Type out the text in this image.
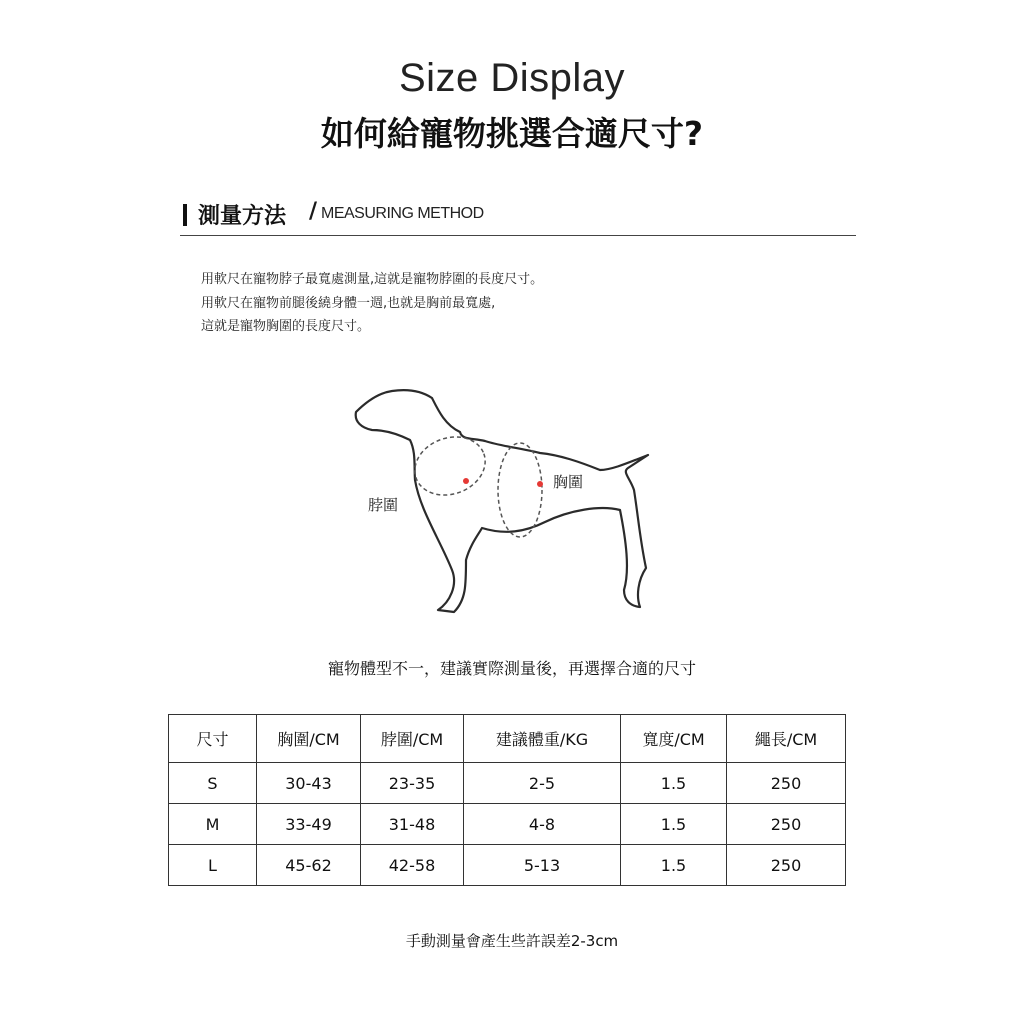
Size Display
如何給寵物挑選合適尺寸?
測量方法 / MEASURING METHOD
用軟尺在寵物脖子最寬處測量,這就是寵物脖圍的長度尺寸。
用軟尺在寵物前腿後繞身體一週,也就是胸前最寬處,
這就是寵物胸圍的長度尺寸。
脖圍
胸圍
寵物體型不一，建議實際測量後，再選擇合適的尺寸
尺寸	胸圍/CM	脖圍/CM	建議體重/KG	寬度/CM	繩長/CM
S	30-43	23-35	2-5	1.5	250
M	33-49	31-48	4-8	1.5	250
L	45-62	42-58	5-13	1.5	250
手動測量會產生些許誤差2-3cm
